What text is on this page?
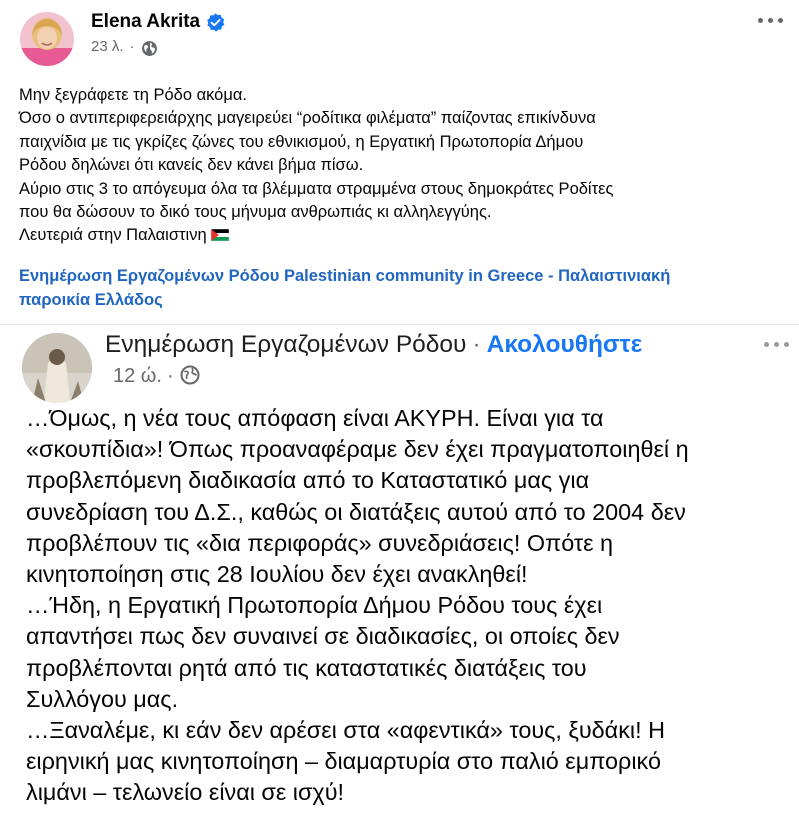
Elena Akrita
23 λ. ·

Μην ξεγράφετε τη Ρόδο ακόμα.

Όσο ο αντιπεριφερειάρχης μαγειρεύει “ροδίτικα φιλέματα” παίζοντας επικίνδυνα

παιχνίδια με τις γκρίζες ζώνες του εθνικισμού, η Εργατική Πρωτοπορία Δήμου

Ρόδου δηλώνει ότι κανείς δεν κάνει βήμα πίσω.

Αύριο στις 3 το απόγευμα όλα τα βλέμματα στραμμένα στους δημοκράτες Ροδίτες

που θα δώσουν το δικό τους μήνυμα ανθρωπιάς κι αλληλεγγύης.

Λευτεριά στην Παλαιστινη

Ενημέρωση Εργαζομένων Ρόδου Palestinian community in Greece - Παλαιστινιακή
παροικία Ελλάδος
Ενημέρωση Εργαζομένων Ρόδου · Ακολουθήστε
12 ώ. ·

…Όμως, η νέα τους απόφαση είναι ΑΚΥΡΗ. Είναι για τα

«σκουπίδια»! Όπως προαναφέραμε δεν έχει πραγματοποιηθεί η

προβλεπόμενη διαδικασία από το Καταστατικό μας για

συνεδρίαση του Δ.Σ., καθώς οι διατάξεις αυτού από το 2004 δεν

προβλέπουν τις «δια περιφοράς» συνεδριάσεις! Οπότε η

κινητοποίηση στις 28 Ιουλίου δεν έχει ανακληθεί!

…Ήδη, η Εργατική Πρωτοπορία Δήμου Ρόδου τους έχει

απαντήσει πως δεν συναινεί σε διαδικασίες, οι οποίες δεν

προβλέπονται ρητά από τις καταστατικές διατάξεις του

Συλλόγου μας.

…Ξαναλέμε, κι εάν δεν αρέσει στα «αφεντικά» τους, ξυδάκι! Η

ειρηνική μας κινητοποίηση – διαμαρτυρία στο παλιό εμπορικό

λιμάνι – τελωνείο είναι σε ισχύ!
